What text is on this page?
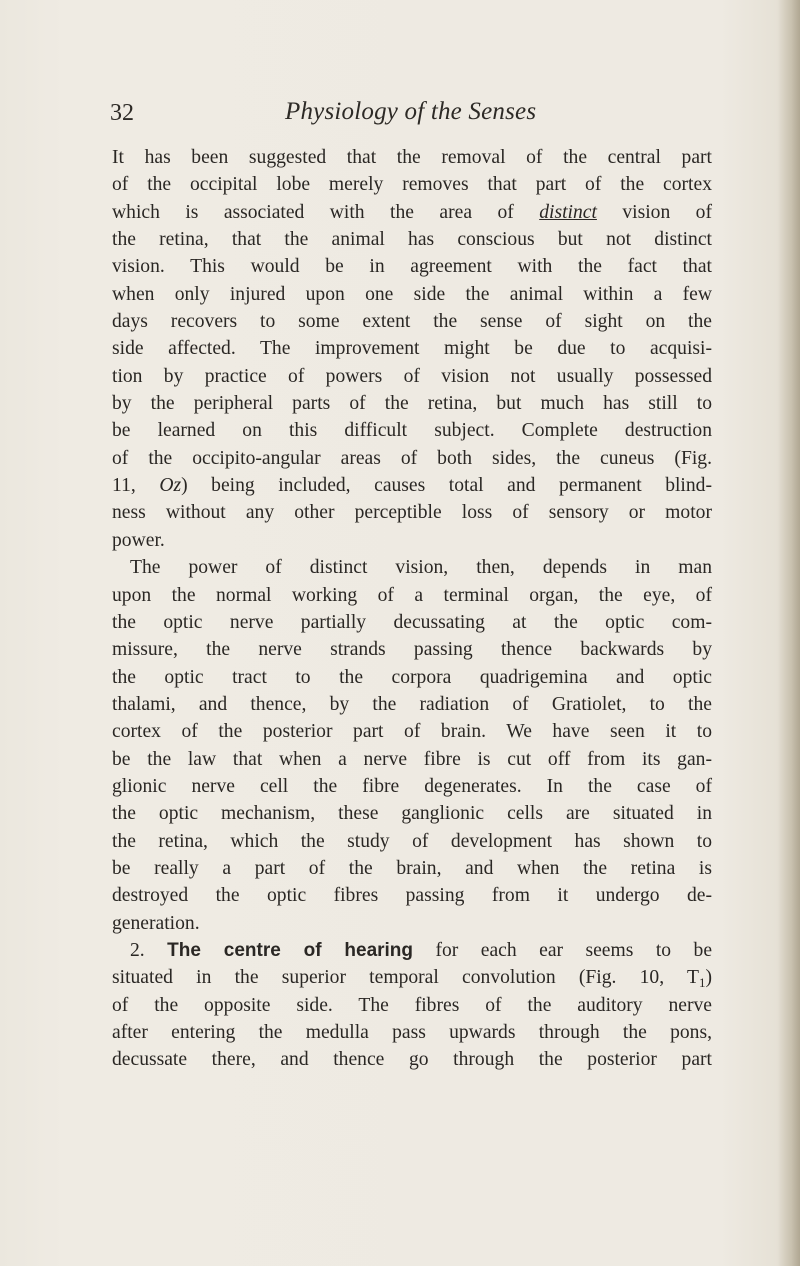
32	Physiology of the Senses
It has been suggested that the removal of the central part
of the occipital lobe merely removes that part of the cortex
which is associated with the area of distinct vision of
the retina, that the animal has conscious but not distinct
vision. This would be in agreement with the fact that
when only injured upon one side the animal within a few
days recovers to some extent the sense of sight on the
side affected. The improvement might be due to acquisi-
tion by practice of powers of vision not usually possessed
by the peripheral parts of the retina, but much has still to
be learned on this difficult subject. Complete destruction
of the occipito-angular areas of both sides, the cuneus (Fig.
11, Oz) being included, causes total and permanent blind-
ness without any other perceptible loss of sensory or motor
power.
The power of distinct vision, then, depends in man
upon the normal working of a terminal organ, the eye, of
the optic nerve partially decussating at the optic com-
missure, the nerve strands passing thence backwards by
the optic tract to the corpora quadrigemina and optic
thalami, and thence, by the radiation of Gratiolet, to the
cortex of the posterior part of brain. We have seen it to
be the law that when a nerve fibre is cut off from its gan-
glionic nerve cell the fibre degenerates. In the case of
the optic mechanism, these ganglionic cells are situated in
the retina, which the study of development has shown to
be really a part of the brain, and when the retina is
destroyed the optic fibres passing from it undergo de-
generation.
2. The centre of hearing for each ear seems to be
situated in the superior temporal convolution (Fig. 10, $T_1$)
of the opposite side. The fibres of the auditory nerve
after entering the medulla pass upwards through the pons,
decussate there, and thence go through the posterior part
